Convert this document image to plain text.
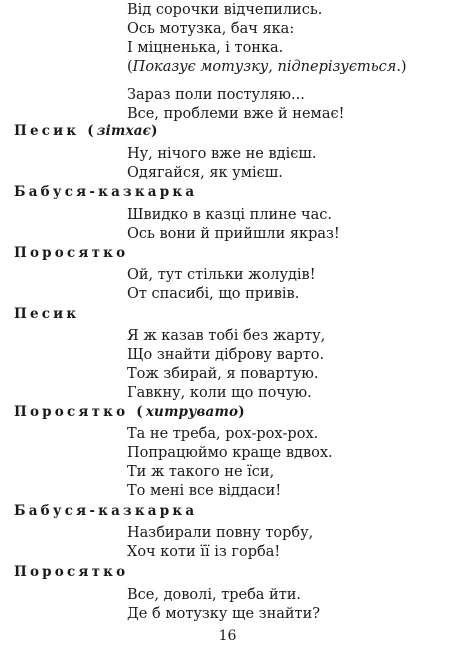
Від сорочки відчепились.
Ось мотузка, бач яка:
І міцненька, і тонка.
(Показує мотузку, підперізується.)
Зараз поли постуляю...
Все, проблеми вже й немає!
Песик (зітхає)
Ну, нічого вже не вдієш.
Одягайся, як умієш.
Бабуся-казкарка
Швидко в казці плине час.
Ось вони й прийшли якраз!
Поросятко
Ой, тут стільки жолудів!
От спасибі, що привів.
Песик
Я ж казав тобі без жарту,
Що знайти діброву варто.
Тож збирай, я повартую.
Гавкну, коли що почую.
Поросятко (хитрувато)
Та не треба, рох-рох-рох.
Попрацюймо краще вдвох.
Ти ж такого не їси,
То мені все віддаси!
Бабуся-казкарка
Назбирали повну торбу,
Хоч коти її із горба!
Поросятко
Все, доволі, треба йти.
Де б мотузку ще знайти?
16
